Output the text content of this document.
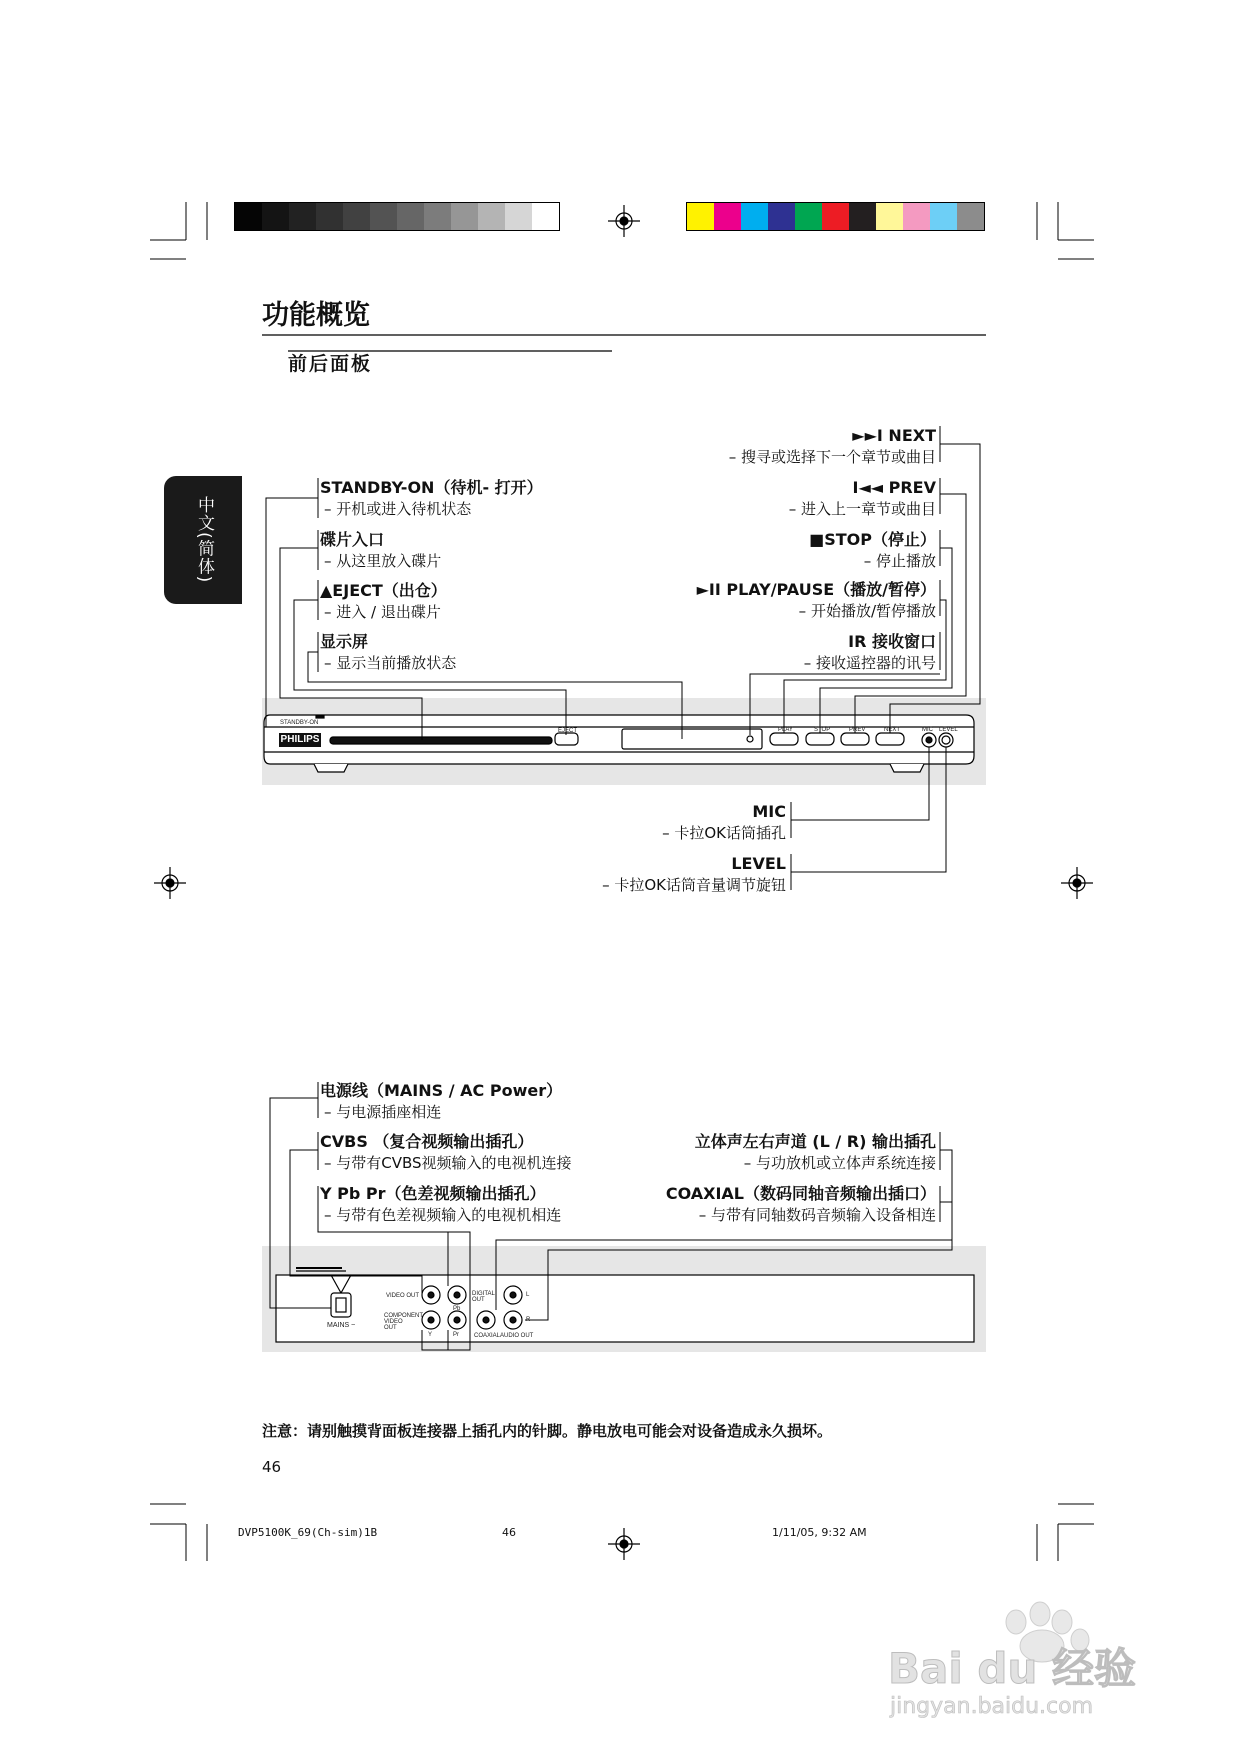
功能概览
前后面板
中文(简体)
PHILIPS
STANDBY-ON
EJECT	PLAY	STOP	PREV	NEXT	MIC LEVEL
VIDEO OUT
COMPONENT VIDEO OUT
DIGITAL OUT
COAXIAL AUDIO OUT
MAINS ~
Pb
Y	Pr
L
R
STANDBY-ON（待机- 打开）
– 开机或进入待机状态
碟片入口
– 从这里放入碟片
▲EJECT（出仓）
– 进入 / 退出碟片
显示屏
– 显示当前播放状态
►►I NEXT
– 搜寻或选择下一个章节或曲目
I◄◄ PREV
– 进入上一章节或曲目
■STOP（停止）
– 停止播放
►II PLAY/PAUSE（播放/暂停）
– 开始播放/暂停播放
IR 接收窗口
– 接收遥控器的讯号
MIC
– 卡拉OK话筒插孔
LEVEL
– 卡拉OK话筒音量调节旋钮
电源线（MAINS / AC Power）
– 与电源插座相连
CVBS （复合视频输出插孔）
– 与带有CVBS视频输入的电视机连接
Y Pb Pr（色差视频输出插孔）
– 与带有色差视频输入的电视机相连
立体声左右声道 (L / R) 输出插孔
– 与功放机或立体声系统连接
COAXIAL（数码同轴音频输出插口）
– 与带有同轴数码音频输入设备相连
注意：请别触摸背面板连接器上插孔内的针脚。静电放电可能会对设备造成永久损坏。
46
DVP5100K_69(Ch-sim)1B	46	1/11/05, 9:32 AM
Bai du 经验
jingyan.baidu.com
